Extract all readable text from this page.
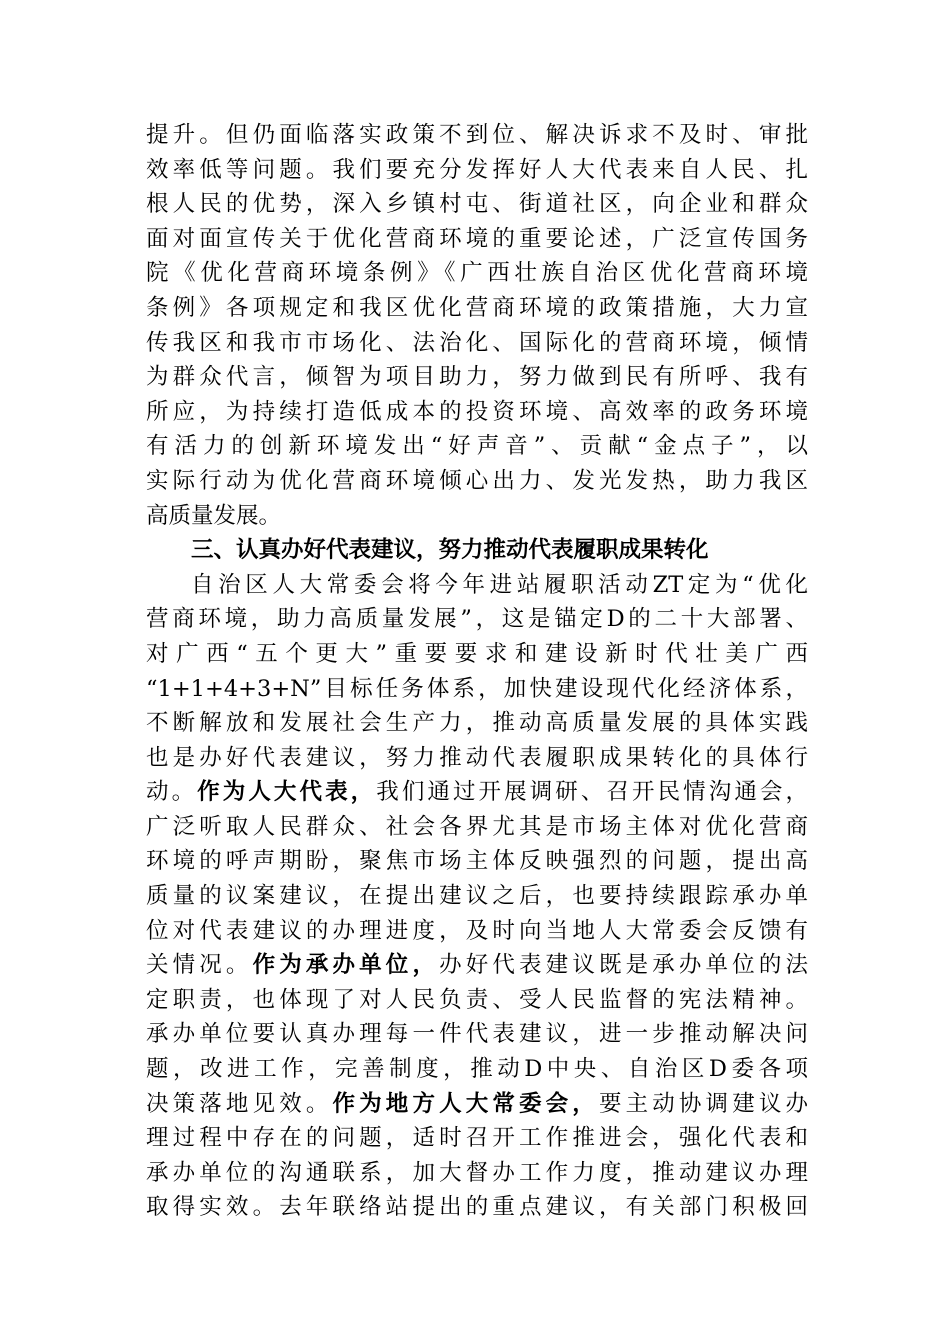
提升。但仍面临落实政策不到位、解决诉求不及时、审批
效率低等问题。我们要充分发挥好人大代表来自人民、扎
根人民的优势，深入乡镇村屯、街道社区，向企业和群众
面对面宣传关于优化营商环境的重要论述，广泛宣传国务
院《优化营商环境条例》《广西壮族自治区优化营商环境
条例》各项规定和我区优化营商环境的政策措施，大力宣
传我区和我市市场化、法治化、国际化的营商环境，倾情
为群众代言，倾智为项目助力，努力做到民有所呼、我有
所应，为持续打造低成本的投资环境、高效率的政务环境
有活力的创新环境发出“好声音”、贡献“金点子”，以
实际行动为优化营商环境倾心出力、发光发热，助力我区
高质量发展。
三、认真办好代表建议，努力推动代表履职成果转化
自治区人大常委会将今年进站履职活动ZT定为“优化
营商环境，助力高质量发展”，这是锚定D的二十大部署、
对广西“五个更大”重要要求和建设新时代壮美广西
“1+1+4+3+N”目标任务体系，加快建设现代化经济体系，
不断解放和发展社会生产力，推动高质量发展的具体实践
也是办好代表建议，努力推动代表履职成果转化的具体行
动。作为人大代表，我们通过开展调研、召开民情沟通会，
广泛听取人民群众、社会各界尤其是市场主体对优化营商
环境的呼声期盼，聚焦市场主体反映强烈的问题，提出高
质量的议案建议，在提出建议之后，也要持续跟踪承办单
位对代表建议的办理进度，及时向当地人大常委会反馈有
关情况。作为承办单位，办好代表建议既是承办单位的法
定职责，也体现了对人民负责、受人民监督的宪法精神。
承办单位要认真办理每一件代表建议，进一步推动解决问
题，改进工作，完善制度，推动D中央、自治区D委各项
决策落地见效。作为地方人大常委会，要主动协调建议办
理过程中存在的问题，适时召开工作推进会，强化代表和
承办单位的沟通联系，加大督办工作力度，推动建议办理
取得实效。去年联络站提出的重点建议，有关部门积极回
